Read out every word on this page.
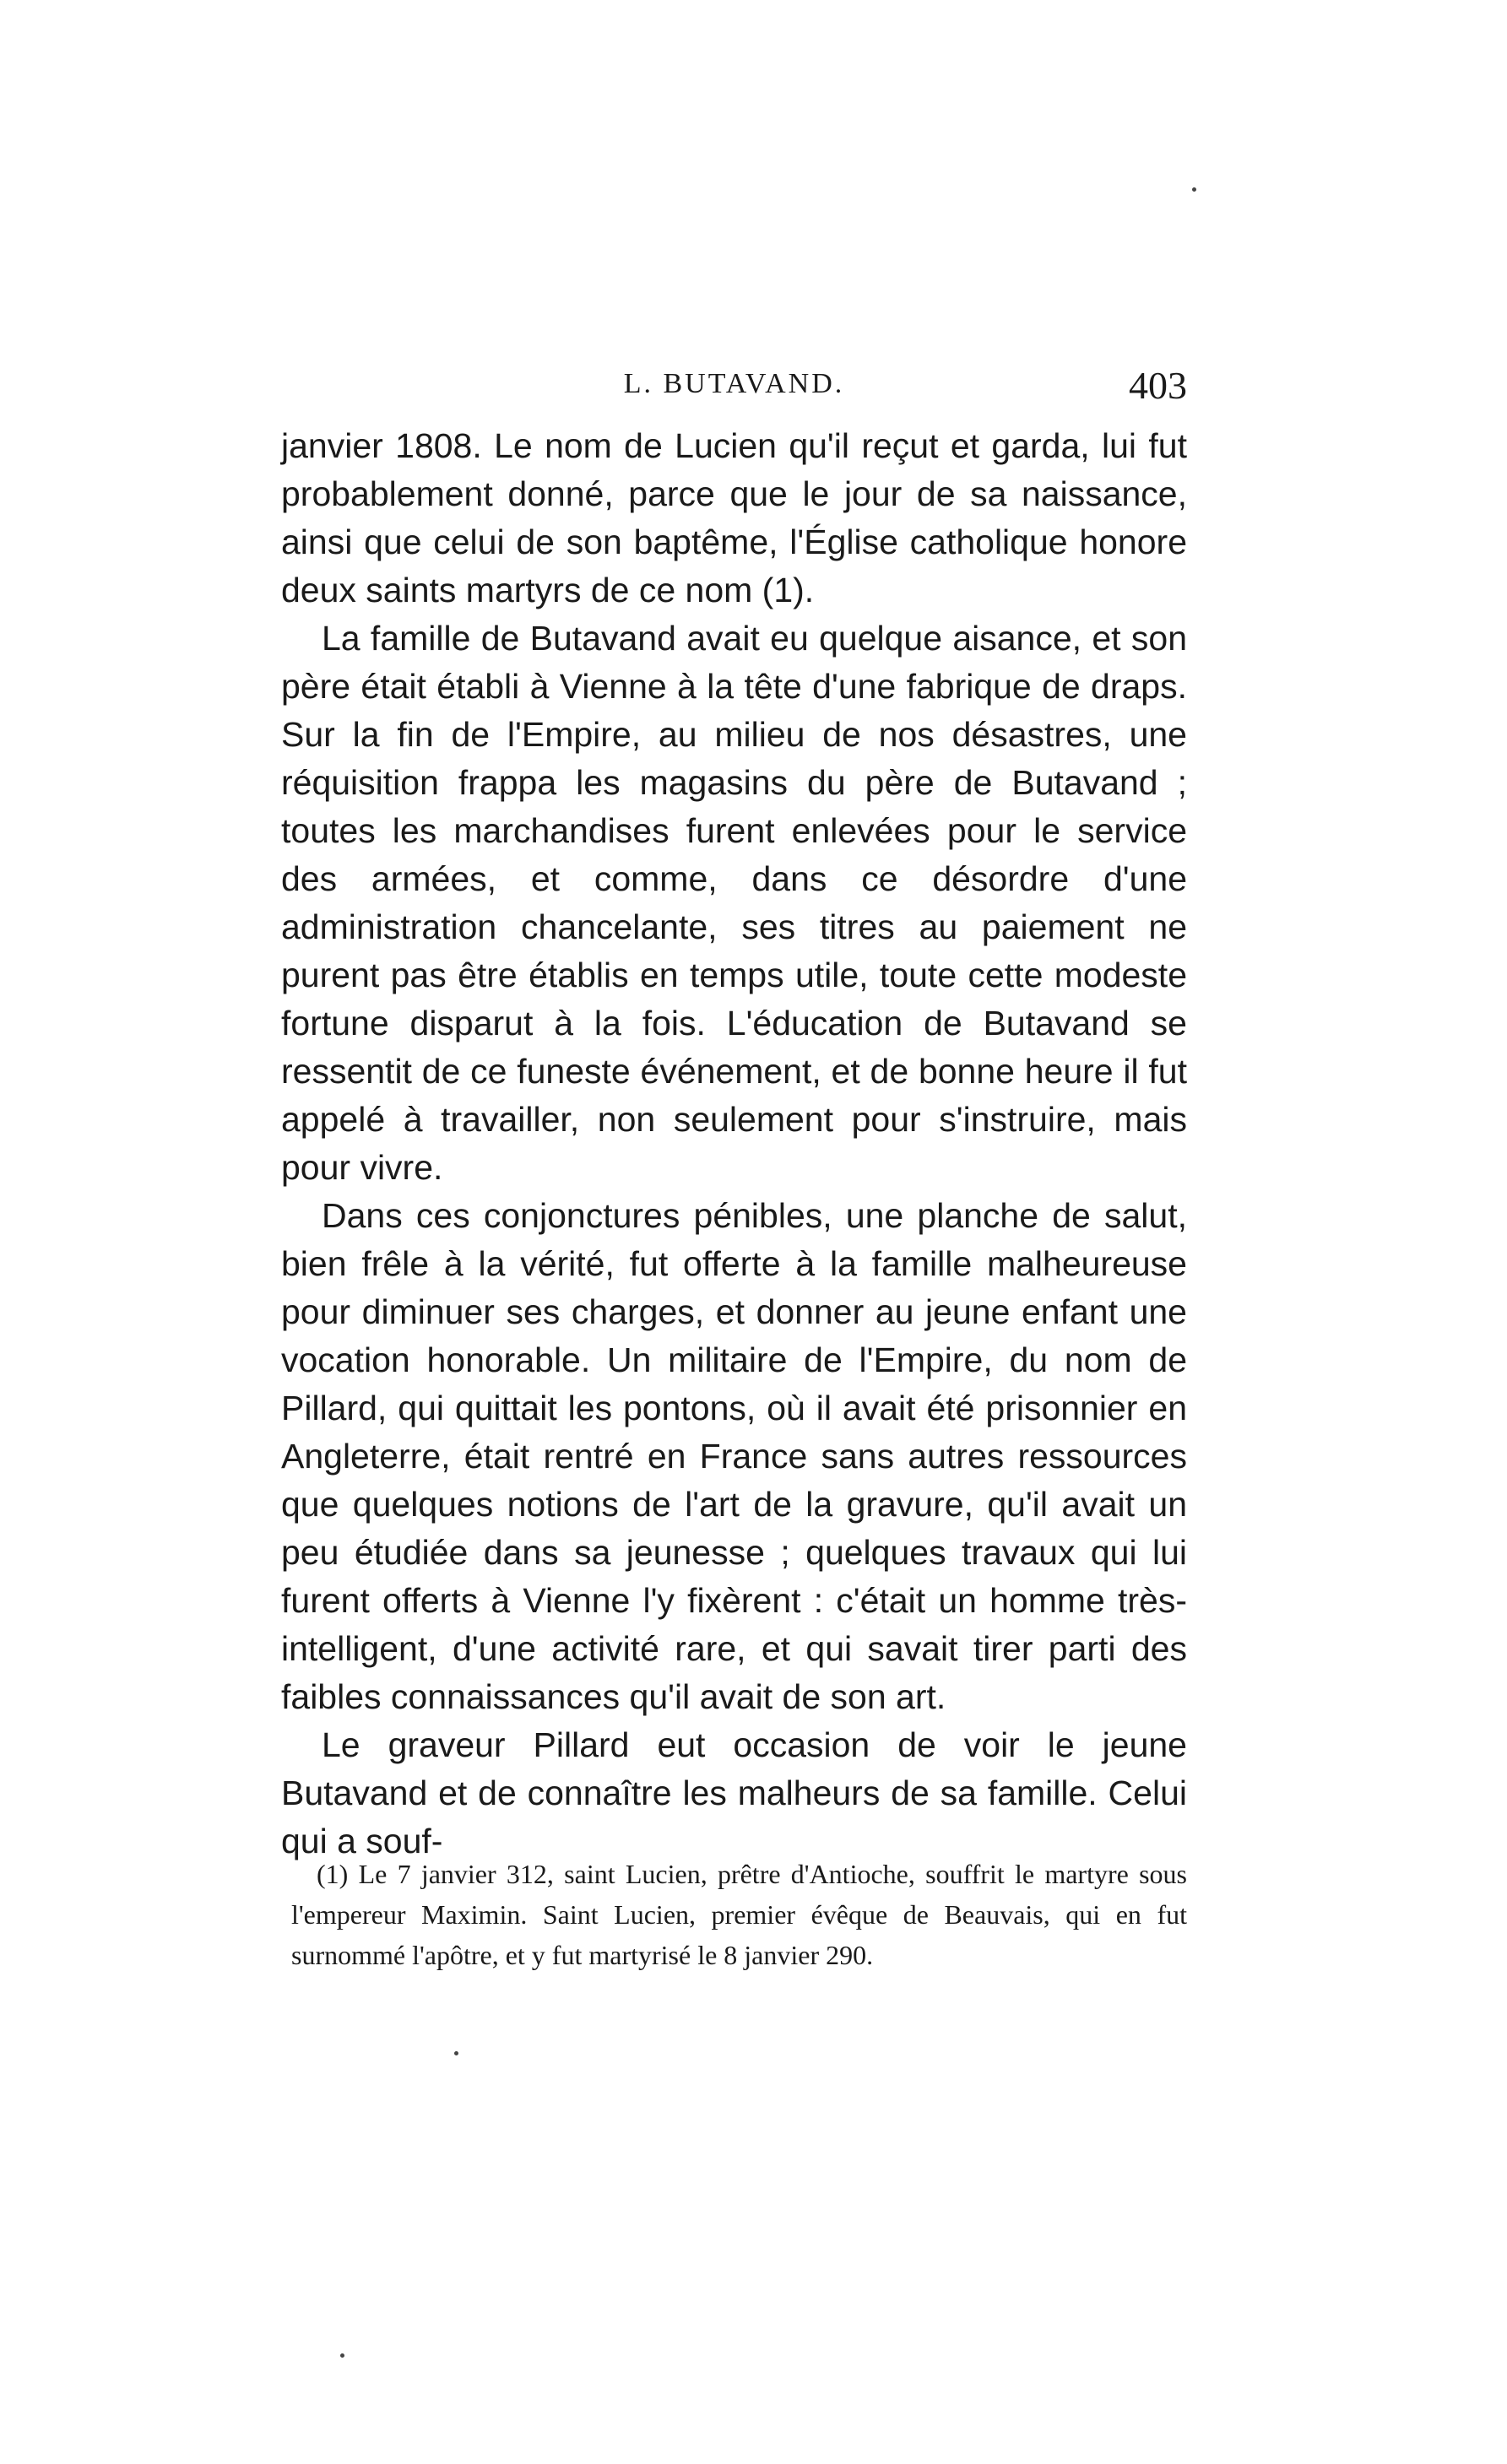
L. BUTAVAND.	403

janvier 1808. Le nom de Lucien qu'il reçut et garda, lui fut probablement donné, parce que le jour de sa naissance, ainsi que celui de son baptême, l'Église catholique honore deux saints martyrs de ce nom (1).

La famille de Butavand avait eu quelque aisance, et son père était établi à Vienne à la tête d'une fabrique de draps. Sur la fin de l'Empire, au milieu de nos désastres, une réquisition frappa les magasins du père de Butavand ; toutes les marchandises furent enlevées pour le service des armées, et comme, dans ce désordre d'une administration chancelante, ses titres au paiement ne purent pas être établis en temps utile, toute cette modeste fortune disparut à la fois. L'éducation de Butavand se ressentit de ce funeste événement, et de bonne heure il fut appelé à travailler, non seulement pour s'instruire, mais pour vivre.

Dans ces conjonctures pénibles, une planche de salut, bien frêle à la vérité, fut offerte à la famille malheureuse pour diminuer ses charges, et donner au jeune enfant une vocation honorable. Un militaire de l'Empire, du nom de Pillard, qui quittait les pontons, où il avait été prisonnier en Angleterre, était rentré en France sans autres ressources que quelques notions de l'art de la gravure, qu'il avait un peu étudiée dans sa jeunesse ; quelques travaux qui lui furent offerts à Vienne l'y fixèrent : c'était un homme très-intelligent, d'une activité rare, et qui savait tirer parti des faibles connaissances qu'il avait de son art.

Le graveur Pillard eut occasion de voir le jeune Butavand et de connaître les malheurs de sa famille. Celui qui a souf-

(1) Le 7 janvier 312, saint Lucien, prêtre d'Antioche, souffrit le martyre sous l'empereur Maximin. Saint Lucien, premier évêque de Beauvais, qui en fut surnommé l'apôtre, et y fut martyrisé le 8 janvier 290.
